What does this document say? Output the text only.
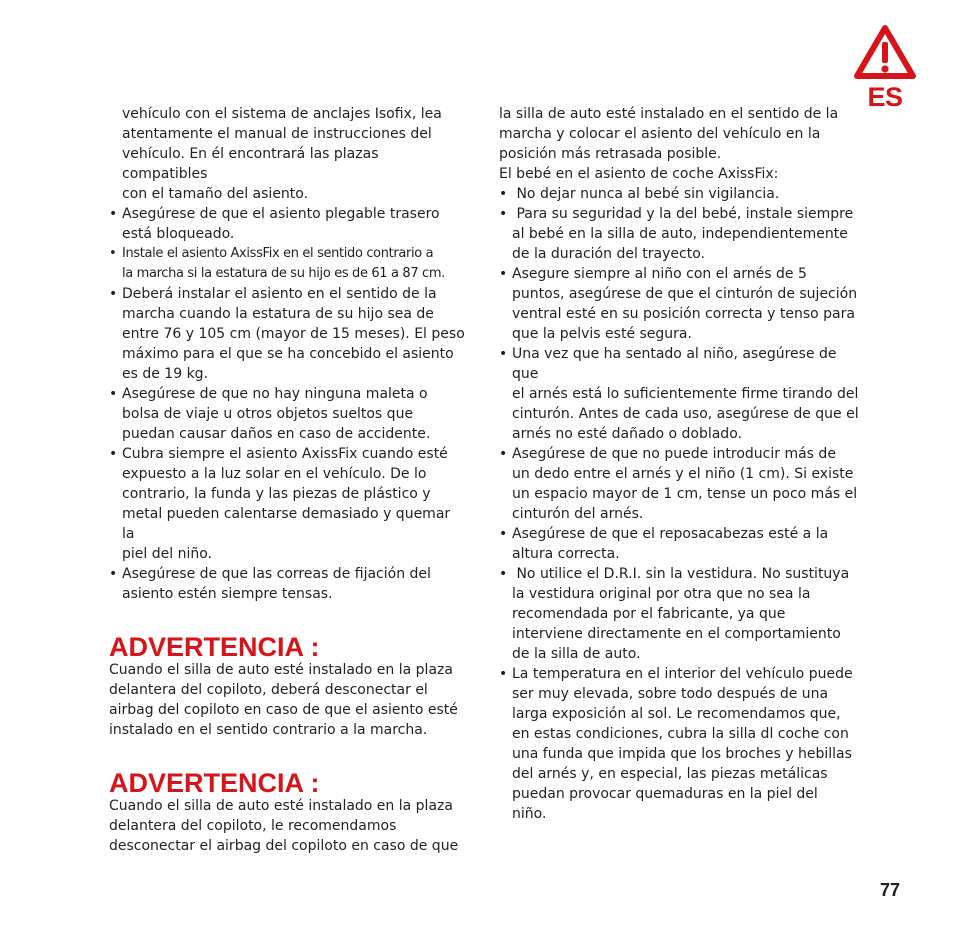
ES
vehículo con el sistema de anclajes Isofix, lea
atentamente el manual de instrucciones del
vehículo. En él encontrará las plazas compatibles
con el tamaño del asiento.
• Asegúrese de que el asiento plegable trasero
está bloqueado.
• Instale el asiento AxissFix en el sentido contrario a
la marcha si la estatura de su hijo es de 61 a 87 cm.
• Deberá instalar el asiento en el sentido de la
marcha cuando la estatura de su hijo sea de
entre 76 y 105 cm (mayor de 15 meses). El peso
máximo para el que se ha concebido el asiento
es de 19 kg.
• Asegúrese de que no hay ninguna maleta o
bolsa de viaje u otros objetos sueltos que
puedan causar daños en caso de accidente.
• Cubra siempre el asiento AxissFix cuando esté
expuesto a la luz solar en el vehículo. De lo
contrario, la funda y las piezas de plástico y
metal pueden calentarse demasiado y quemar la
piel del niño.
• Asegúrese de que las correas de fijación del
asiento estén siempre tensas.
ADVERTENCIA :
Cuando el silla de auto esté instalado en la plaza
delantera del copiloto, deberá desconectar el
airbag del copiloto en caso de que el asiento esté
instalado en el sentido contrario a la marcha.
ADVERTENCIA :
Cuando el silla de auto esté instalado en la plaza
delantera del copiloto, le recomendamos
desconectar el airbag del copiloto en caso de que
la silla de auto esté instalado en el sentido de la
marcha y colocar el asiento del vehículo en la
posición más retrasada posible.
El bebé en el asiento de coche AxissFix:
• No dejar nunca al bebé sin vigilancia.
• Para su seguridad y la del bebé, instale siempre
al bebé en la silla de auto, independientemente
de la duración del trayecto.
• Asegure siempre al niño con el arnés de 5
puntos, asegúrese de que el cinturón de sujeción
ventral esté en su posición correcta y tenso para
que la pelvis esté segura.
• Una vez que ha sentado al niño, asegúrese de que
el arnés está lo suficientemente firme tirando del
cinturón. Antes de cada uso, asegúrese de que el
arnés no esté dañado o doblado.
• Asegúrese de que no puede introducir más de
un dedo entre el arnés y el niño (1 cm). Si existe
un espacio mayor de 1 cm, tense un poco más el
cinturón del arnés.
• Asegúrese de que el reposacabezas esté a la
altura correcta.
• No utilice el D.R.I. sin la vestidura. No sustituya
la vestidura original por otra que no sea la
recomendada por el fabricante, ya que
interviene directamente en el comportamiento
de la silla de auto.
• La temperatura en el interior del vehículo puede
ser muy elevada, sobre todo después de una
larga exposición al sol. Le recomendamos que,
en estas condiciones, cubra la silla dl coche con
una funda que impida que los broches y hebillas
del arnés y, en especial, las piezas metálicas
puedan provocar quemaduras en la piel del
niño.
77
